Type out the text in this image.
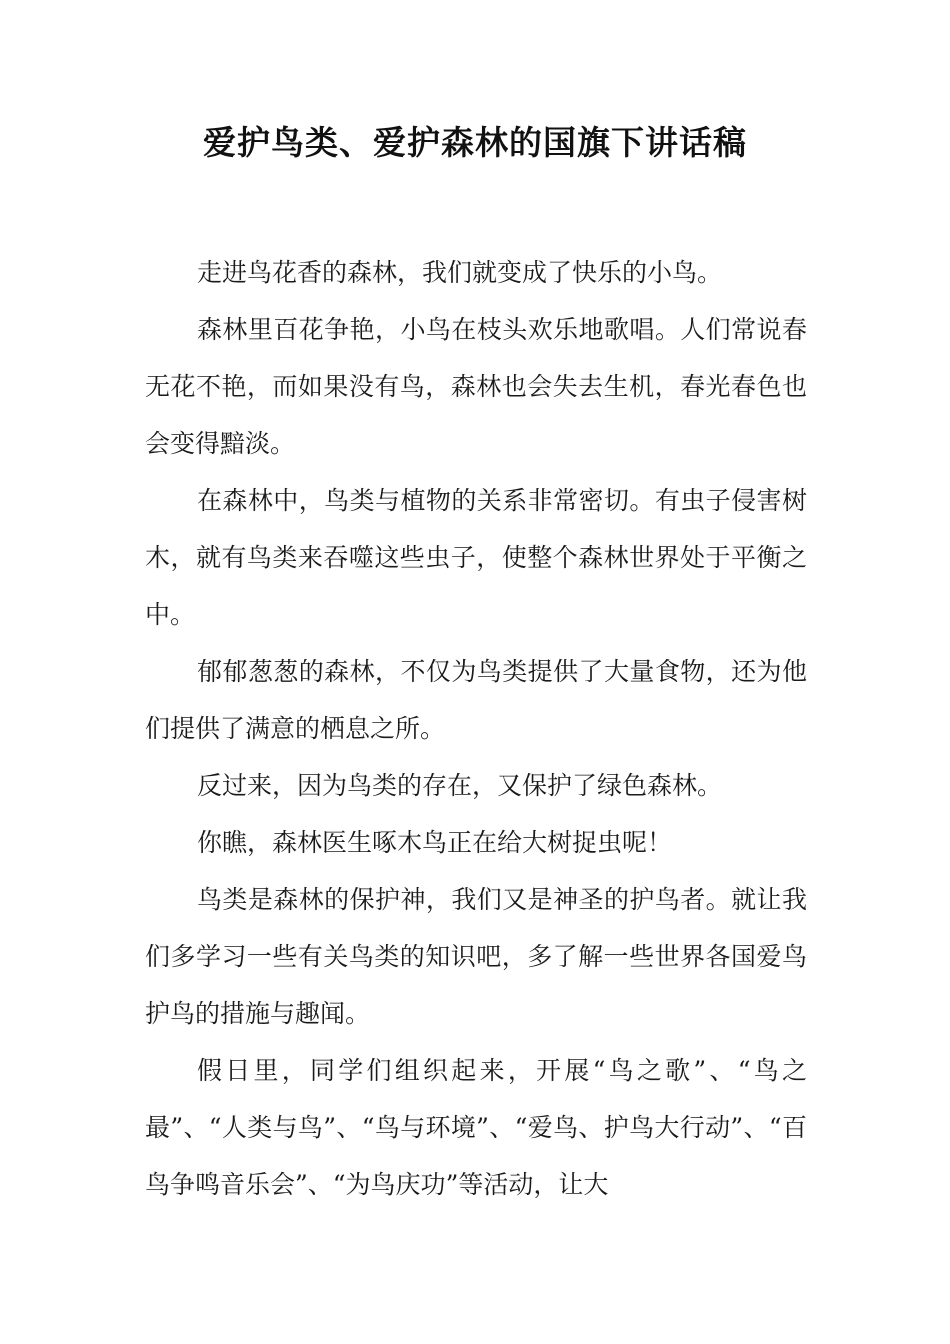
爱护鸟类、爱护森林的国旗下讲话稿

走进鸟花香的森林，我们就变成了快乐的小鸟。

森林里百花争艳，小鸟在枝头欢乐地歌唱。人们常说春无花不艳，而如果没有鸟，森林也会失去生机，春光春色也会变得黯淡。

在森林中，鸟类与植物的关系非常密切。有虫子侵害树木，就有鸟类来吞噬这些虫子，使整个森林世界处于平衡之中。

郁郁葱葱的森林，不仅为鸟类提供了大量食物，还为他们提供了满意的栖息之所。

反过来，因为鸟类的存在，又保护了绿色森林。

你瞧，森林医生啄木鸟正在给大树捉虫呢！

鸟类是森林的保护神，我们又是神圣的护鸟者。就让我们多学习一些有关鸟类的知识吧，多了解一些世界各国爱鸟护鸟的措施与趣闻。

假日里，同学们组织起来，开展“鸟之歌”、“鸟之最”、“人类与鸟”、“鸟与环境”、“爱鸟、护鸟大行动”、“百鸟争鸣音乐会”、“为鸟庆功”等活动，让大
